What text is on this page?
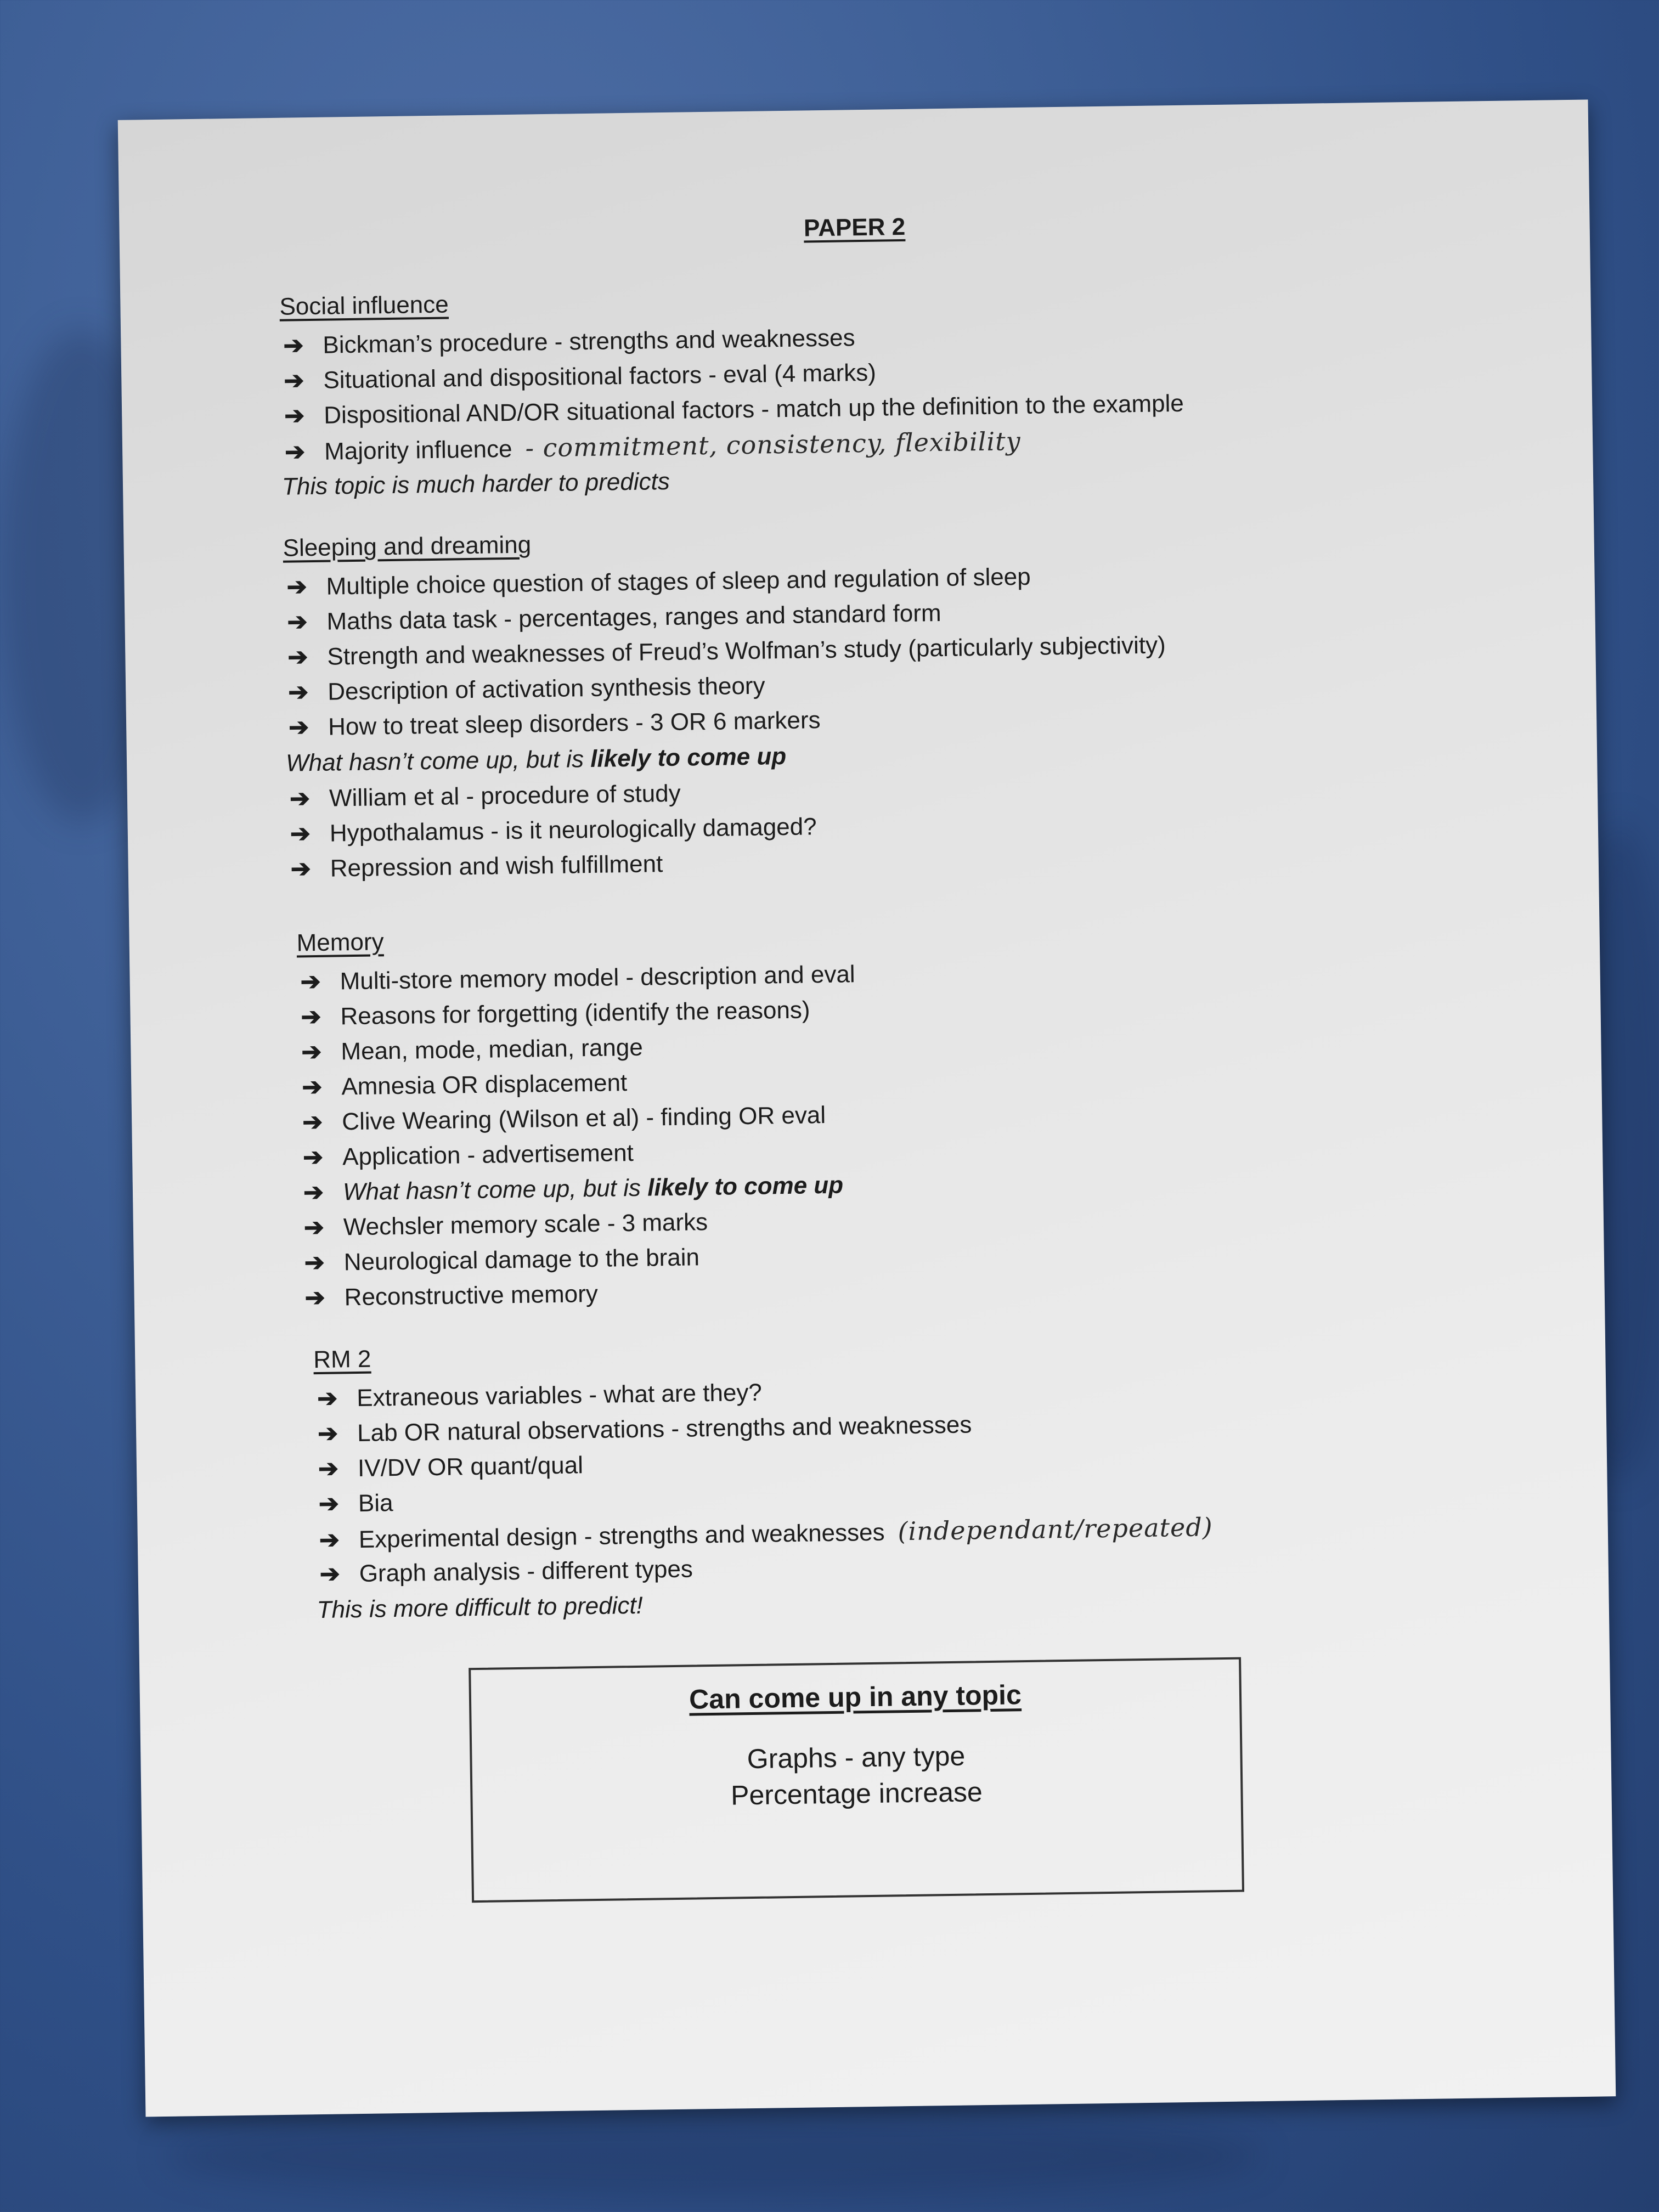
PAPER 2
Social influence
➔ Bickman’s procedure - strengths and weaknesses
➔ Situational and dispositional factors - eval (4 marks)
➔ Dispositional AND/OR situational factors - match up the definition to the example
➔ Majority influence - commitment, consistency, flexibility
This topic is much harder to predicts
Sleeping and dreaming
➔ Multiple choice question of stages of sleep and regulation of sleep
➔ Maths data task - percentages, ranges and standard form
➔ Strength and weaknesses of Freud’s Wolfman’s study (particularly subjectivity)
➔ Description of activation synthesis theory
➔ How to treat sleep disorders - 3 OR 6 markers
What hasn’t come up, but is likely to come up
➔ William et al - procedure of study
➔ Hypothalamus - is it neurologically damaged?
➔ Repression and wish fulfillment
Memory
➔ Multi-store memory model - description and eval
➔ Reasons for forgetting (identify the reasons)
➔ Mean, mode, median, range
➔ Amnesia OR displacement
➔ Clive Wearing (Wilson et al) - finding OR eval
➔ Application - advertisement
➔ What hasn’t come up, but is likely to come up
➔ Wechsler memory scale - 3 marks
➔ Neurological damage to the brain
➔ Reconstructive memory
RM 2
➔ Extraneous variables - what are they?
➔ Lab OR natural observations - strengths and weaknesses
➔ IV/DV OR quant/qual
➔ Bia
➔ Experimental design - strengths and weaknesses (independant/repeated)
➔ Graph analysis - different types
This is more difficult to predict!
Can come up in any topic
Graphs - any type
Percentage increase
